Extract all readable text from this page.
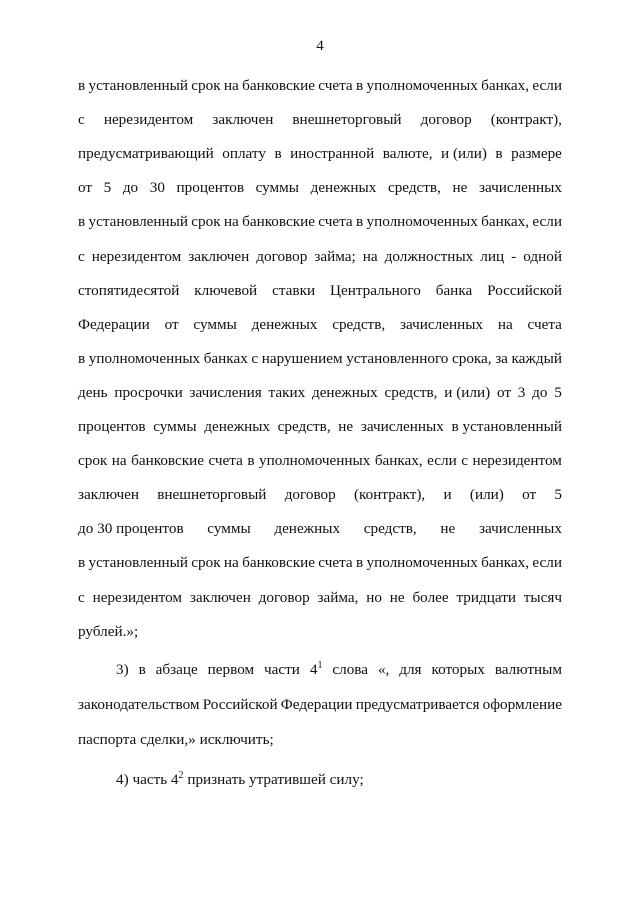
4
в установленный срок на банковские счета в уполномоченных банках, если
с нерезидентом заключен внешнеторговый договор (контракт),
предусматривающий оплату в иностранной валюте, и (или) в размере
от 5 до 30 процентов суммы денежных средств, не зачисленных
в установленный срок на банковские счета в уполномоченных банках, если
с нерезидентом заключен договор займа; на должностных лиц - одной
стопятидесятой ключевой ставки Центрального банка Российской
Федерации от суммы денежных средств, зачисленных на счета
в уполномоченных банках с нарушением установленного срока, за каждый
день просрочки зачисления таких денежных средств, и (или) от 3 до 5
процентов суммы денежных средств, не зачисленных в установленный
срок на банковские счета в уполномоченных банках, если с нерезидентом
заключен внешнеторговый договор (контракт), и (или) от 5
до 30 процентов суммы денежных средств, не зачисленных
в установленный срок на банковские счета в уполномоченных банках, если
с нерезидентом заключен договор займа, но не более тридцати тысяч
рублей.»;
3) в абзаце первом части $4^1$ слова «, для которых валютным
законодательством Российской Федерации предусматривается оформление
паспорта сделки,» исключить;
4) часть $4^2$ признать утратившей силу;
